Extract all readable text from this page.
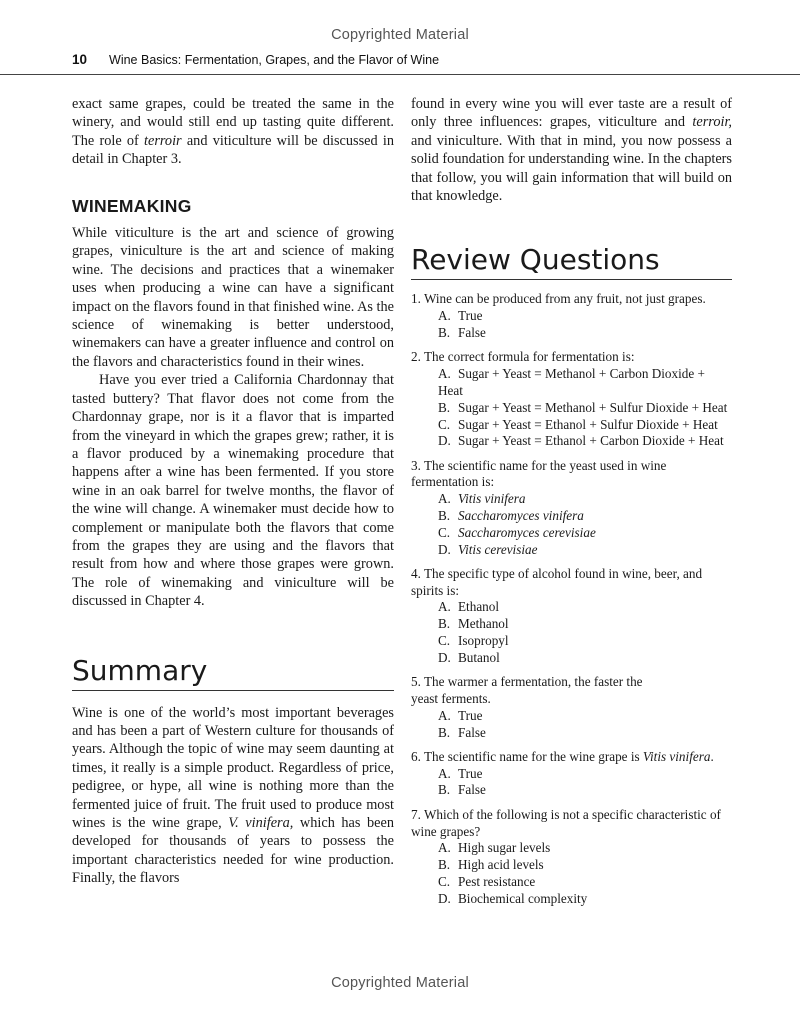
Copyrighted Material
10 Wine Basics: Fermentation, Grapes, and the Flavor of Wine

exact same grapes, could be treated the same in the winery, and would still end up tasting quite different. The role of terroir and viticulture will be discussed in detail in Chapter 3.

WINEMAKING

While viticulture is the art and science of growing grapes, viniculture is the art and science of making wine. The decisions and practices that a winemaker uses when producing a wine can have a significant impact on the flavors found in that finished wine. As the science of winemaking is better understood, winemakers can have a greater influence and control on the flavors and characteristics found in their wines.

Have you ever tried a California Chardonnay that tasted buttery? That flavor does not come from the Chardonnay grape, nor is it a flavor that is imparted from the vineyard in which the grapes grew; rather, it is a flavor produced by a winemaking procedure that happens after a wine has been fermented. If you store wine in an oak barrel for twelve months, the flavor of the wine will change. A winemaker must decide how to complement or manipulate both the flavors that come from the grapes they are using and the flavors that result from how and where those grapes were grown. The role of winemaking and viniculture will be discussed in Chapter 4.

Summary

Wine is one of the world’s most important beverages and has been a part of Western culture for thousands of years. Although the topic of wine may seem daunting at times, it really is a simple product. Regardless of price, pedigree, or hype, all wine is nothing more than the fermented juice of fruit. The fruit used to produce most wines is the wine grape, V. vinifera, which has been developed for thousands of years to possess the important characteristics needed for wine production. Finally, the flavors

found in every wine you will ever taste are a result of only three influences: grapes, viticulture and terroir, and viniculture. With that in mind, you now possess a solid foundation for understanding wine. In the chapters that follow, you will gain information that will build on that knowledge.

Review Questions
1. Wine can be produced from any fruit, not just grapes.
A. True
B. False
2. The correct formula for fermentation is:
A. Sugar + Yeast = Methanol + Carbon Dioxide + Heat
B. Sugar + Yeast = Methanol + Sulfur Dioxide + Heat
C. Sugar + Yeast = Ethanol + Sulfur Dioxide + Heat
D. Sugar + Yeast = Ethanol + Carbon Dioxide + Heat
3. The scientific name for the yeast used in wine fermentation is:
A. Vitis vinifera
B. Saccharomyces vinifera
C. Saccharomyces cerevisiae
D. Vitis cerevisiae
4. The specific type of alcohol found in wine, beer, and spirits is:
A. Ethanol
B. Methanol
C. Isopropyl
D. Butanol
5. The warmer a fermentation, the faster the
yeast ferments.
A. True
B. False
6. The scientific name for the wine grape is Vitis vinifera.
A. True
B. False
7. Which of the following is not a specific characteristic of wine grapes?
A. High sugar levels
B. High acid levels
C. Pest resistance
D. Biochemical complexity
Copyrighted Material
